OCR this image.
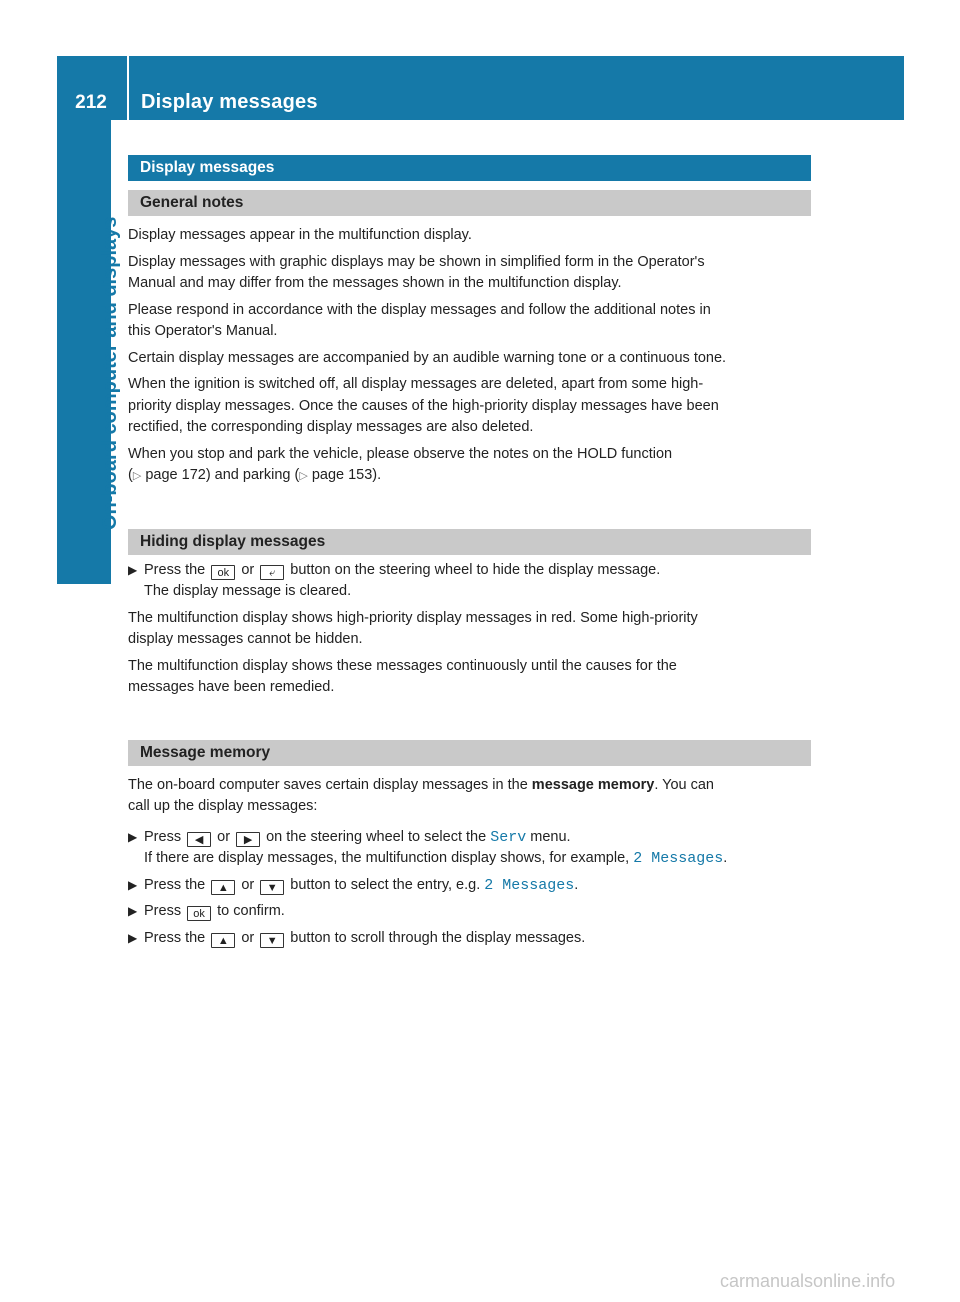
212	Display messages
On-board computer and displays
Display messages
General notes

Display messages appear in the multifunction display.

Display messages with graphic displays may be shown in simplified form in the Operator's

Manual and may differ from the messages shown in the multifunction display.

Please respond in accordance with the display messages and follow the additional notes in

this Operator's Manual.

Certain display messages are accompanied by an audible warning tone or a continuous tone.

When the ignition is switched off, all display messages are deleted, apart from some high-

priority display messages. Once the causes of the high-priority display messages have been

rectified, the corresponding display messages are also deleted.

When you stop and park the vehicle, please observe the notes on the HOLD function

(▷ page 172) and parking (▷ page 153).

Hiding display messages
▶ Press the ok or ⤶ button on the steering wheel to hide the display message.

The display message is cleared.

The multifunction display shows high-priority display messages in red. Some high-priority

display messages cannot be hidden.

The multifunction display shows these messages continuously until the causes for the

messages have been remedied.

Message memory

The on-board computer saves certain display messages in the message memory. You can

call up the display messages:

▶ Press ◀ or ▶ on the steering wheel to select the Serv menu.

If there are display messages, the multifunction display shows, for example, 2 Messages.

▶ Press the ▲ or ▼ button to select the entry, e.g. 2 Messages.
▶ Press ok to confirm.
▶ Press the ▲ or ▼ button to scroll through the display messages.
carmanualsonline.info
